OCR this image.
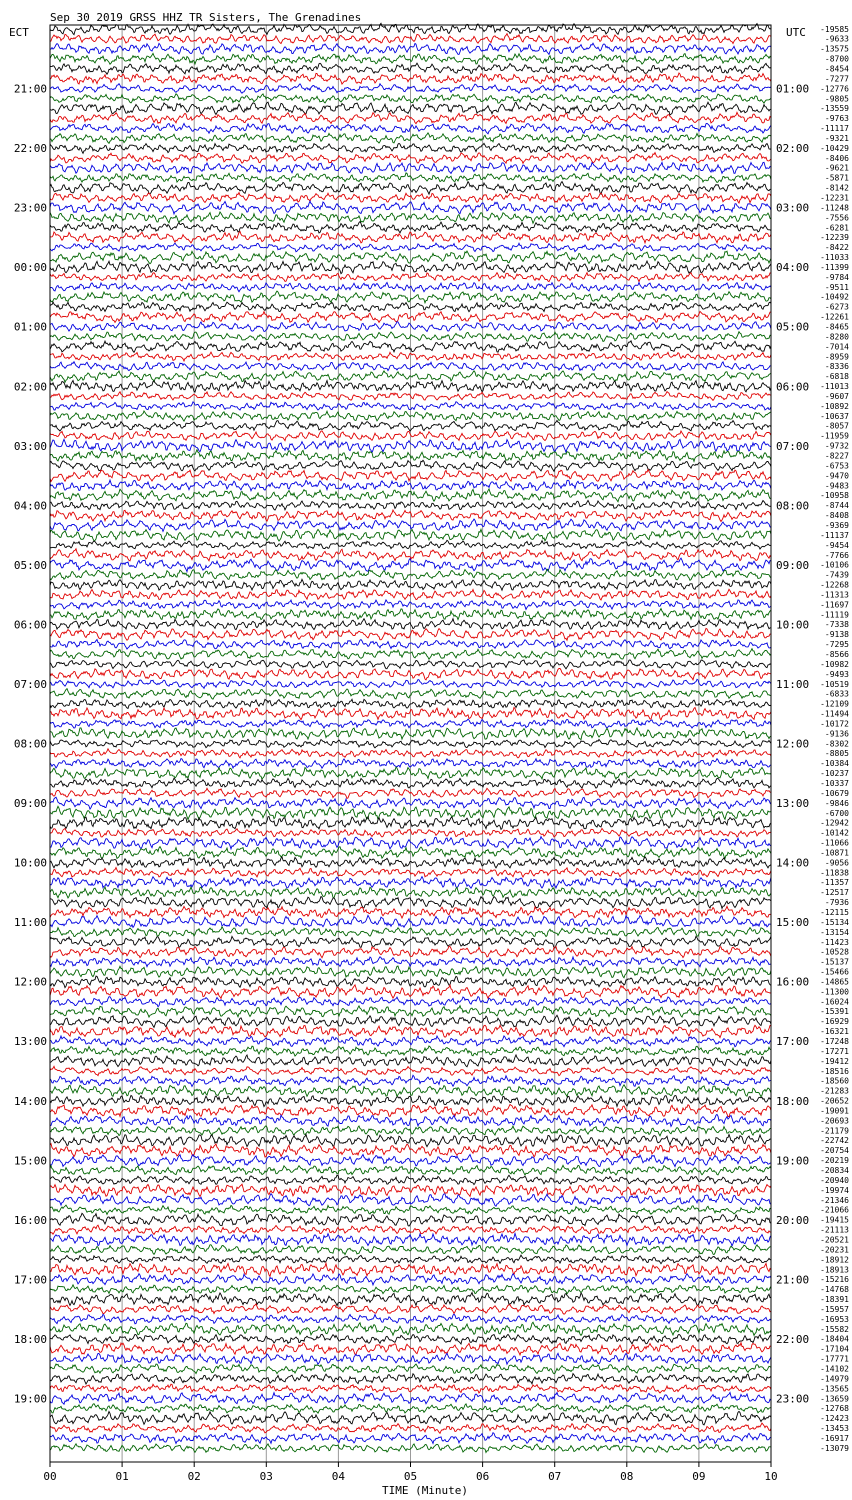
Sep 30 2019 GRSS HHZ TR Sisters, The Grenadines
ECT	UTC
21:00
22:00
23:00
00:00
01:00
02:00
03:00
04:00
05:00
06:00
07:00
08:00
09:00
10:00
11:00
12:00
13:00
14:00
15:00
16:00
17:00
18:00
19:00
01:00
02:00
03:00
04:00
05:00
06:00
07:00
08:00
09:00
10:00
11:00
12:00
13:00
14:00
15:00
16:00
17:00
18:00
19:00
20:00
21:00
22:00
23:00
-19585
-9633
-13575
-8700
-8454
-7277
-12776
-9805
-13559
-9763
-11117
-9321
-10429
-8406
-9621
-5871
-8142
-12231
-11248
-7556
-6281
-12239
-8422
-11033
-11399
-9784
-9511
-10492
-6273
-12261
-8465
-8280
-7014
-8959
-8336
-6818
-11013
-9607
-10892
-10637
-8057
-11959
-9732
-8227
-6753
-9470
-9483
-10958
-8744
-8408
-9369
-11137
-9454
-7766
-10106
-7439
-12268
-11313
-11697
-11119
-7338
-9138
-7295
-8566
-10982
-9493
-10519
-6833
-12109
-11494
-10172
-9136
-8302
-8805
-10384
-10237
-10337
-10679
-9846
-6700
-12942
-10142
-11066
-10871
-9056
-11838
-11357
-12517
-7936
-12115
-15134
-13154
-11423
-10528
-15137
-15466
-14865
-11300
-16024
-15391
-16929
-16321
-17248
-17271
-19412
-18516
-18560
-21283
-20652
-19091
-20693
-21179
-22742
-20754
-20219
-20834
-20940
-19974
-21346
-21066
-19415
-21113
-20521
-20231
-18912
-18913
-15216
-14768
-18391
-15957
-16953
-15582
-18404
-17104
-17771
-14102
-14979
-13565
-13659
-12768
-12423
-13453
-16917
-13079
00	01	02	03	04	05	06	07	08	09	10
TIME (Minute)
